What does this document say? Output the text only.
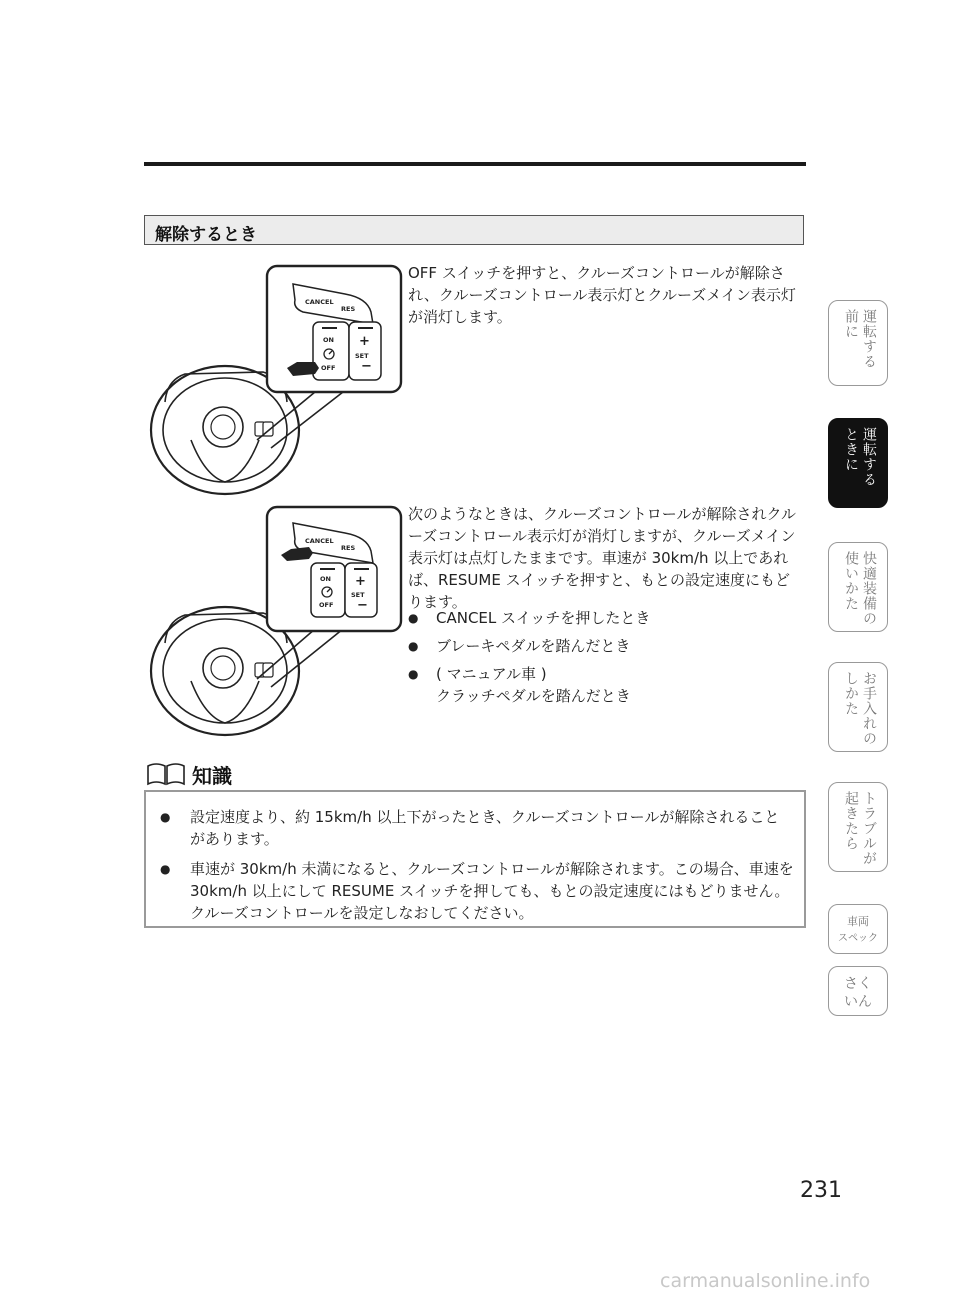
解除するとき
CANCEL
RES
ON
OFF
+
SET
−
CANCEL
RES
ON
OFF
+
SET
−

OFF スイッチを押すと、クルーズコントロールが解除され、クルーズコントロール表示灯とクルーズメイン表示灯が消灯します。

次のようなときは、クルーズコントロールが解除されクルーズコントロール表示灯が消灯しますが、クルーズメイン表示灯は点灯したままです。車速が 30km/h 以上であれば、RESUME スイッチを押すと、もとの設定速度にもどります。

● CANCEL スイッチを押したとき
● ブレーキペダルを踏んだとき
● ( マニュアル車 )
クラッチペダルを踏んだとき
知識
● 設定速度より、約 15km/h 以上下がったとき、クルーズコントロールが解除されることがあります。
● 車速が 30km/h 未満になると、クルーズコントロールが解除されます。この場合、車速を 30km/h 以上にして RESUME スイッチを押しても、もとの設定速度にはもどりません。クルーズコントロールを設定しなおしてください。
運転する
前に
運転する
ときに
快適装備の
使いかた
お手入れの
しかた
トラブルが
起きたら
車両
スペック
さく
いん
231
carmanualsonline.info
